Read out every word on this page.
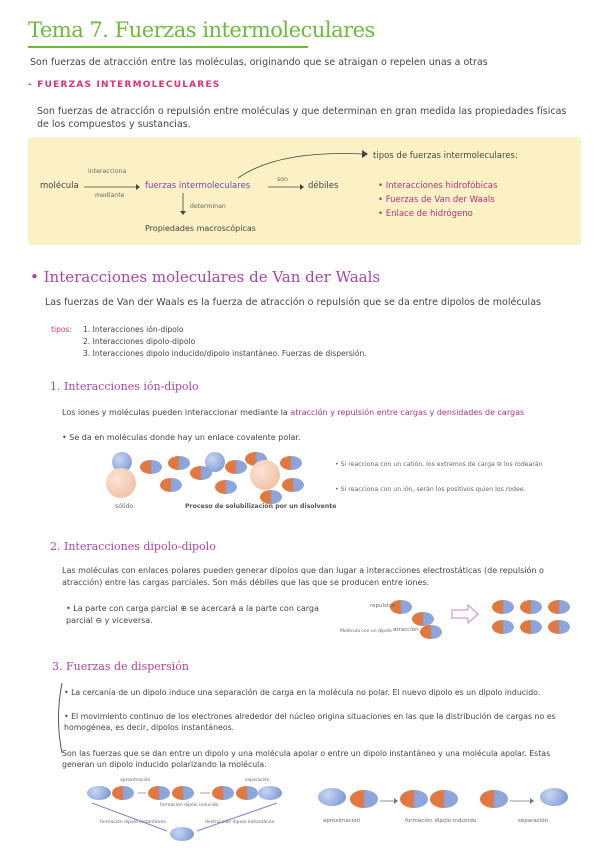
Tema 7. Fuerzas intermoleculares
Son fuerzas de atracción entre las moléculas, originando que se atraigan o repelen unas a otras
- FUERZAS INTERMOLECULARES
Son fuerzas de atracción o repulsión entre moléculas y que determinan en gran medida las propiedades físicas de los compuestos y sustancias.
molécula
interacciona
mediante
fuerzas intermoleculares
son
débiles
determinan
Propiedades macroscópicas
tipos de fuerzas intermoleculares:
• Interacciones hidrofóbicas
• Fuerzas de Van der Waals
• Enlace de hidrógeno
• Interacciones moleculares de Van der Waals
Las fuerzas de Van der Waals es la fuerza de atracción o repulsión que se da entre dipolos de moléculas
tipos: 1. Interacciones ión-dipolo
2. Interacciones dipolo-dipolo
3. Interacciones dipolo inducido/dipolo instantáneo. Fuerzas de dispersión.
1. Interacciones ión-dipolo
Los iones y moléculas pueden interaccionar mediante la atracción y repulsión entre cargas y densidades de cargas
• Se da en moléculas donde hay un enlace covalente polar.
sólido	Proceso de solubilización por un disolvente
• Si reacciona con un catión, los extremos de carga ⊖ los rodearán
• Si reacciona con un ión, serán los positivos quien los rodee.
2. Interacciones dipolo-dipolo
Las moléculas con enlaces polares pueden generar dipolos que dan lugar a interacciones electrostáticas (de repulsión o atracción) entre las cargas parciales. Son más débiles que las que se producen entre iones.
• La parte con carga parcial ⊕ se acercará a la parte con carga parcial ⊖ y viceversa.
repulsión
atracción
Molécula con un dipolo
3. Fuerzas de dispersión
• La cercanía de un dipolo induce una separación de carga en la molécula no polar. El nuevo dipolo es un dipolo inducido.
• El movimiento continuo de los electrones alrededor del núcleo origina situaciones en las que la distribución de cargas no es homogénea, es decir, dipolos instantáneos.
Son las fuerzas que se dan entre un dipolo y una molécula apolar o entre un dipolo instantáneo y una molécula apolar. Estas generan un dipolo inducido polarizando la molécula.
aproximación
formación dipolo inducido
separación
formación dipolo instantáneo	destrucción dipolo instantáneo	aproximación	formación dipolo inducido	separación
